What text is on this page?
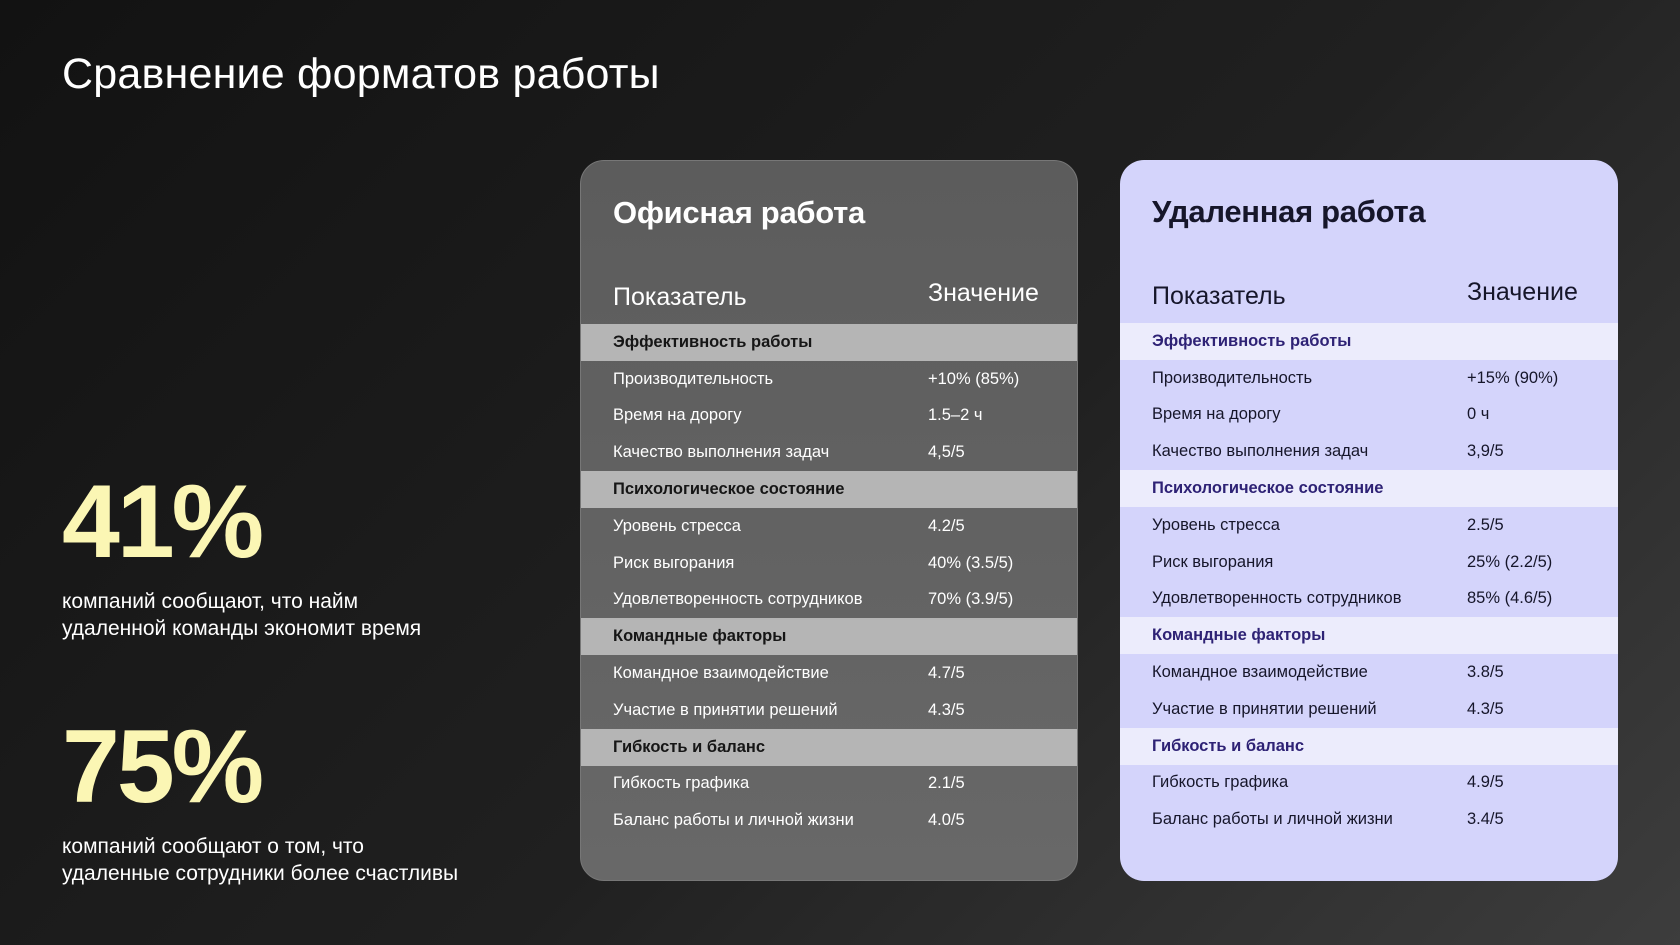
Сравнение форматов работы
41%
компаний сообщают, что найм
удаленной команды экономит время
75%
компаний сообщают о том, что
удаленные сотрудники более счастливы
Офисная работа
Показатель	Значение
Эффективность работы
Производительность	+10% (85%)
Время на дорогу	1.5–2 ч
Качество выполнения задач	4,5/5
Психологическое состояние
Уровень стресса	4.2/5
Риск выгорания	40% (3.5/5)
Удовлетворенность сотрудников	70% (3.9/5)
Командные факторы
Командное взаимодействие	4.7/5
Участие в принятии решений	4.3/5
Гибкость и баланс
Гибкость графика	2.1/5
Баланс работы и личной жизни	4.0/5
Удаленная работа
Показатель	Значение
Эффективность работы
Производительность	+15% (90%)
Время на дорогу	0 ч
Качество выполнения задач	3,9/5
Психологическое состояние
Уровень стресса	2.5/5
Риск выгорания	25% (2.2/5)
Удовлетворенность сотрудников	85% (4.6/5)
Командные факторы
Командное взаимодействие	3.8/5
Участие в принятии решений	4.3/5
Гибкость и баланс
Гибкость графика	4.9/5
Баланс работы и личной жизни	3.4/5
